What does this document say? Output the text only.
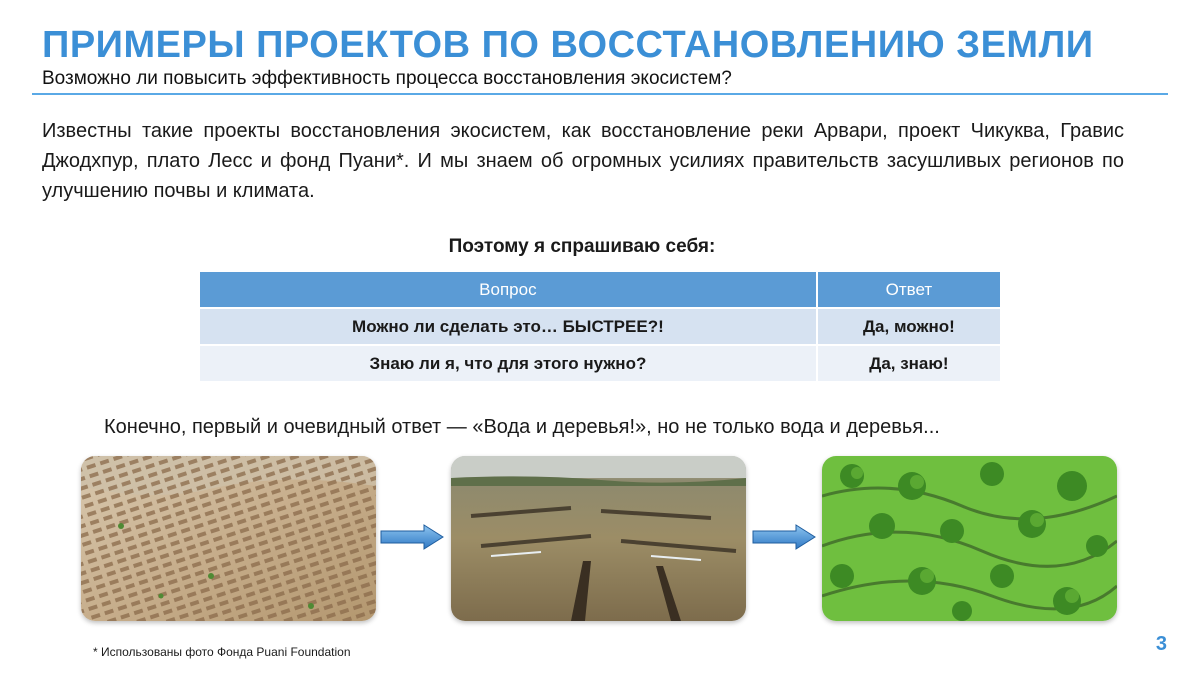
ПРИМЕРЫ ПРОЕКТОВ ПО ВОССТАНОВЛЕНИЮ ЗЕМЛИ
Возможно ли повысить эффективность процесса восстановления экосистем?
Известны такие проекты восстановления экосистем, как восстановление реки Арвари, проект Чикуква, Гравис Джодхпур, плато Лесс и фонд Пуани*. И мы знаем об огромных усилиях правительств засушливых регионов по улучшению почвы и климата.
Поэтому я спрашиваю себя:
Вопрос	Ответ
Можно ли сделать это… БЫСТРЕЕ?!	Да, можно!
Знаю ли я, что для этого нужно?	Да, знаю!
Конечно, первый и очевидный ответ — «Вода и деревья!», но не только вода и деревья...
* Использованы фото Фонда Puani Foundation	3
